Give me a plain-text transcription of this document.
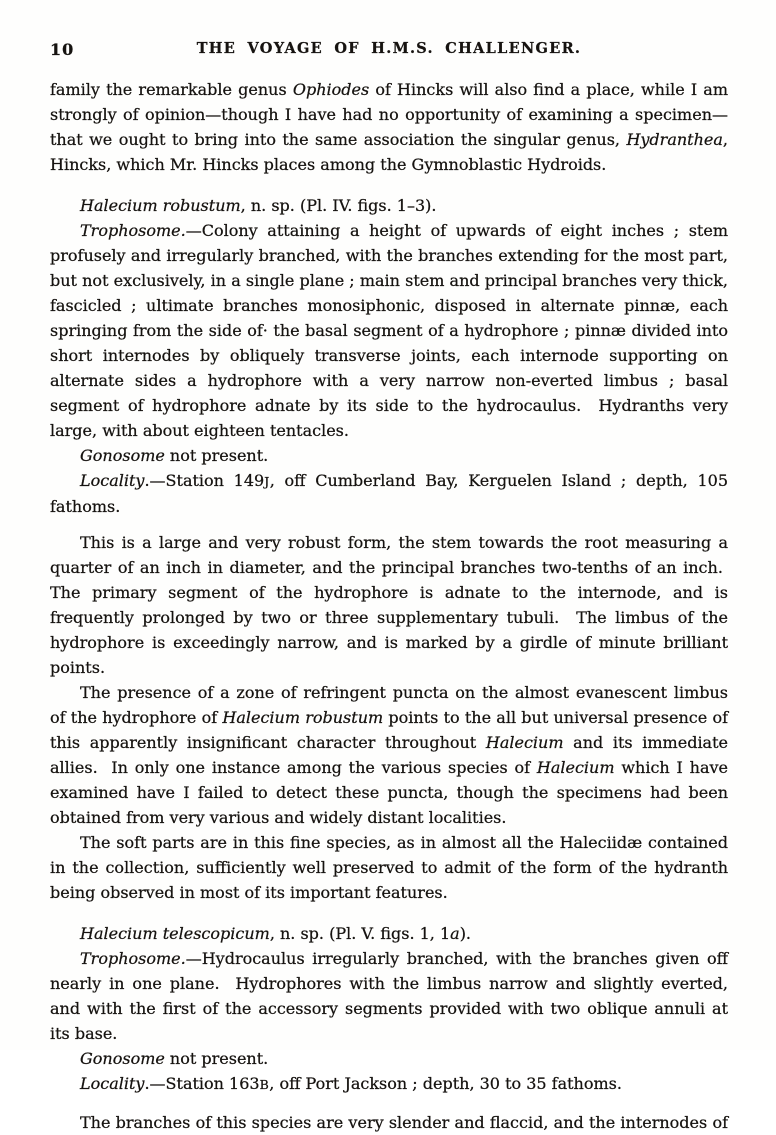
10	THE VOYAGE OF H.M.S. CHALLENGER.

family the remarkable genus Ophiodes of Hincks will also find a place, while I am strongly of opinion—though I have had no opportunity of examining a specimen—that we ought to bring into the same association the singular genus, Hydranthea, Hincks, which Mr. Hincks places among the Gymnoblastic Hydroids.

Halecium robustum, n. sp. (Pl. IV. figs. 1–3).

Trophosome.—Colony attaining a height of upwards of eight inches ; stem profusely and irregularly branched, with the branches extending for the most part, but not exclusively, in a single plane ; main stem and principal branches very thick, fascicled ; ultimate branches monosiphonic, disposed in alternate pinnæ, each springing from the side of· the basal segment of a hydrophore ; pinnæ divided into short internodes by obliquely transverse joints, each internode supporting on alternate sides a hydrophore with a very narrow non-everted limbus ; basal segment of hydrophore adnate by its side to the hydrocaulus.  Hydranths very large, with about eighteen tentacles.

Gonosome not present.

Locality.—Station 149J, off Cumberland Bay, Kerguelen Island ; depth, 105 fathoms.

This is a large and very robust form, the stem towards the root measuring a quarter of an inch in diameter, and the principal branches two-tenths of an inch.  The primary segment of the hydrophore is adnate to the internode, and is frequently prolonged by two or three supplementary tubuli.  The limbus of the hydrophore is exceedingly narrow, and is marked by a girdle of minute brilliant points.

The presence of a zone of refringent puncta on the almost evanescent limbus of the hydrophore of Halecium robustum points to the all but universal presence of this apparently insignificant character throughout Halecium and its immediate allies.  In only one instance among the various species of Halecium which I have examined have I failed to detect these puncta, though the specimens had been obtained from very various and widely distant localities.

The soft parts are in this fine species, as in almost all the Haleciidæ contained in the collection, sufficiently well preserved to admit of the form of the hydranth being observed in most of its important features.

Halecium telescopicum, n. sp. (Pl. V. figs. 1, 1a).

Trophosome.—Hydrocaulus irregularly branched, with the branches given off nearly in one plane.  Hydrophores with the limbus narrow and slightly everted, and with the first of the accessory segments provided with two oblique annuli at its base.

Gonosome not present.

Locality.—Station 163B, off Port Jackson ; depth, 30 to 35 fathoms.

The branches of this species are very slender and flaccid, and the internodes of
